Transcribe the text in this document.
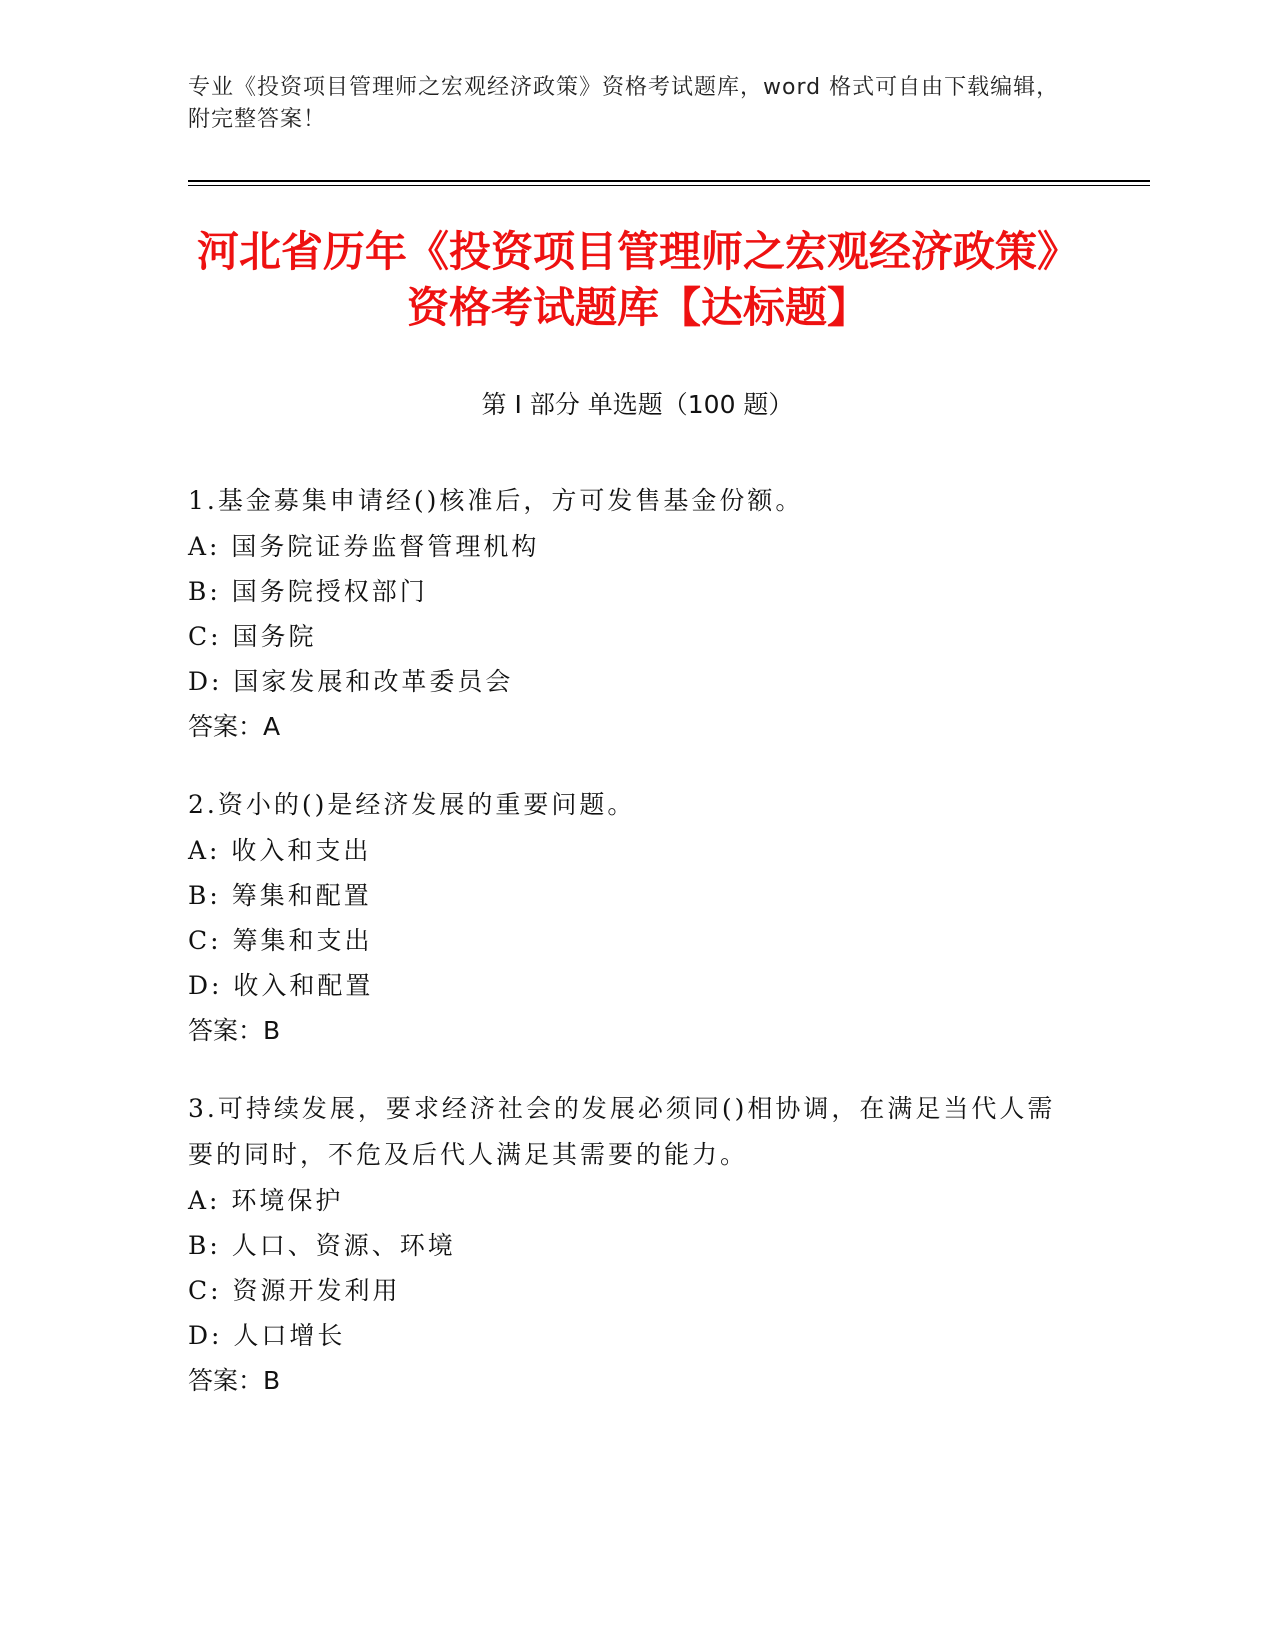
专业《投资项目管理师之宏观经济政策》资格考试题库，word 格式可自由下载编辑，附完整答案！
河北省历年《投资项目管理师之宏观经济政策》资格考试题库【达标题】
第 I 部分 单选题（100 题）
1.基金募集申请经()核准后，方可发售基金份额。
A: 国务院证券监督管理机构
B: 国务院授权部门
C: 国务院
D: 国家发展和改革委员会
答案：A
2.资小的()是经济发展的重要问题。
A: 收入和支出
B: 筹集和配置
C: 筹集和支出
D: 收入和配置
答案：B
3.可持续发展，要求经济社会的发展必须同()相协调，在满足当代人需要的同时，不危及后代人满足其需要的能力。
A: 环境保护
B: 人口、资源、环境
C: 资源开发利用
D: 人口增长
答案：B
